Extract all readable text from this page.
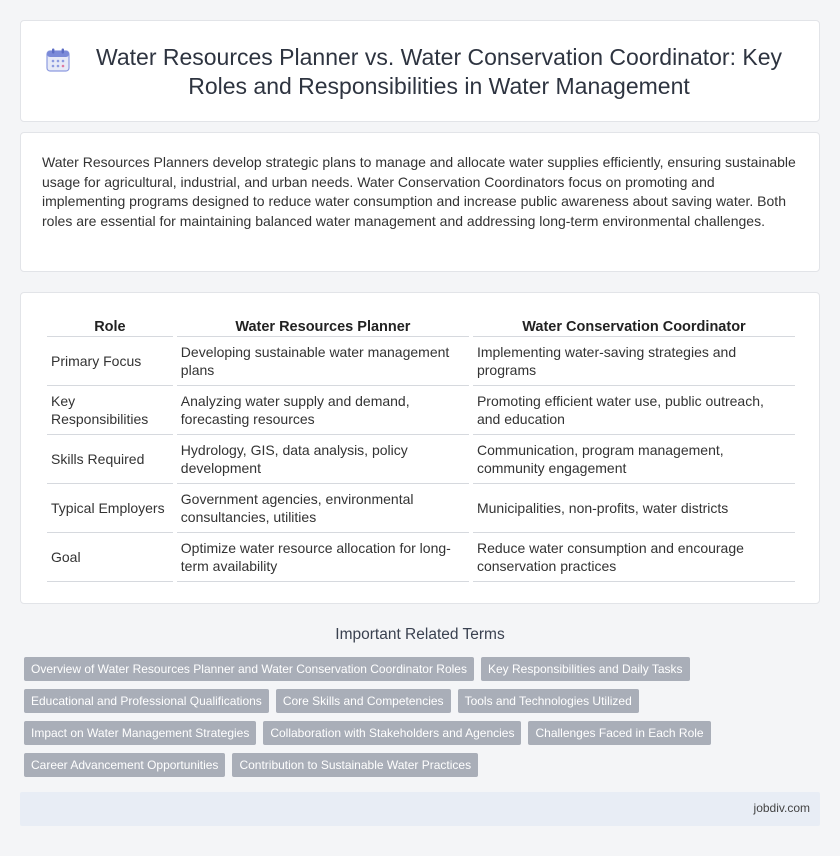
Water Resources Planner vs. Water Conservation Coordinator: Key Roles and Responsibilities in Water Management

Water Resources Planners develop strategic plans to manage and allocate water supplies efficiently, ensuring sustainable usage for agricultural, industrial, and urban needs. Water Conservation Coordinators focus on promoting and implementing programs designed to reduce water consumption and increase public awareness about saving water. Both roles are essential for maintaining balanced water management and addressing long-term environmental challenges.

Role	Water Resources Planner	Water Conservation Coordinator
Primary Focus	Developing sustainable water management plans	Implementing water-saving strategies and programs
Key Responsibilities	Analyzing water supply and demand, forecasting resources	Promoting efficient water use, public outreach, and education
Skills Required	Hydrology, GIS, data analysis, policy development	Communication, program management, community engagement
Typical Employers	Government agencies, environmental consultancies, utilities	Municipalities, non-profits, water districts
Goal	Optimize water resource allocation for long-term availability	Reduce water consumption and encourage conservation practices
Important Related Terms
Overview of Water Resources Planner and Water Conservation Coordinator Roles	Key Responsibilities and Daily Tasks
Educational and Professional Qualifications	Core Skills and Competencies	Tools and Technologies Utilized
Impact on Water Management Strategies	Collaboration with Stakeholders and Agencies	Challenges Faced in Each Role
Career Advancement Opportunities	Contribution to Sustainable Water Practices
jobdiv.com
